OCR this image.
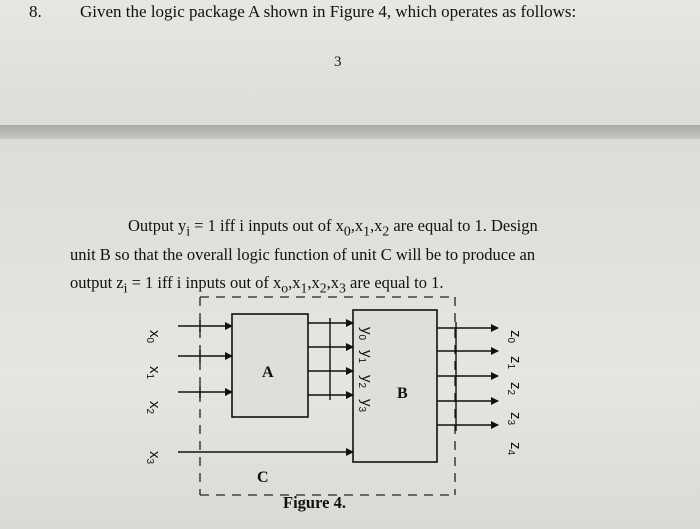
8. Given the logic package A shown in Figure 4, which operates as follows:
3
Output $y_i = 1$ iff i inputs out of $x_0,x_1,x_2$ are equal to 1. Design
unit B so that the overall logic function of unit C will be to produce an
output $z_i = 1$ iff i inputs out of $x_o,x_1,x_2,x_3$ are equal to 1.
A
B
C
$x_0$
$x_1$
$x_2$
$x_3$
$y_0$
$y_1$
$y_2$
$y_3$
$z_0$
$z_1$
$z_2$
$z_3$
$z_4$
Figure 4.
